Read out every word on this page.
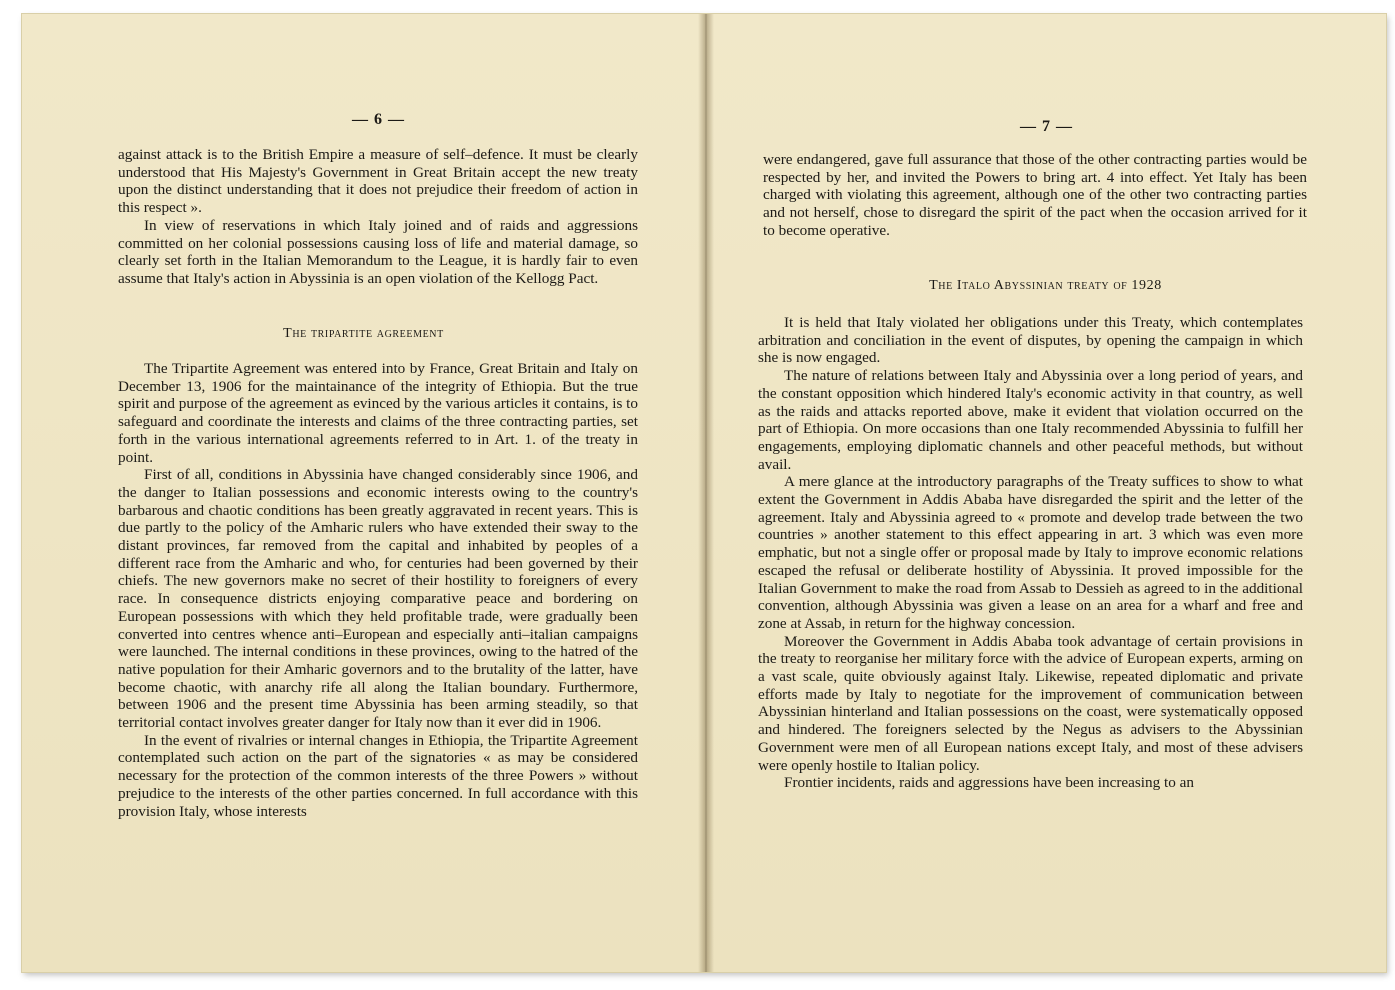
— 6 —

against attack is to the British Empire a measure of self–defence. It must be clearly understood that His Majesty's Government in Great Britain accept the new treaty upon the distinct understanding that it does not prejudice their freedom of action in this respect ».

In view of reservations in which Italy joined and of raids and aggressions committed on her colonial possessions causing loss of life and material damage, so clearly set forth in the Italian Memorandum to the League, it is hardly fair to even assume that Italy's action in Abyssinia is an open violation of the Kellogg Pact.

The tripartite agreement

The Tripartite Agreement was entered into by France, Great Britain and Italy on December 13, 1906 for the maintainance of the integrity of Ethiopia. But the true spirit and purpose of the agreement as evinced by the various articles it contains, is to safeguard and coordinate the interests and claims of the three contracting parties, set forth in the various international agreements referred to in Art. 1. of the treaty in point.

First of all, conditions in Abyssinia have changed considerably since 1906, and the danger to Italian possessions and economic interests owing to the country's barbarous and chaotic conditions has been greatly aggravated in recent years. This is due partly to the policy of the Amharic rulers who have extended their sway to the distant provinces, far removed from the capital and inhabited by peoples of a different race from the Amharic and who, for centuries had been governed by their chiefs. The new governors make no secret of their hostility to foreigners of every race. In consequence districts enjoying comparative peace and bordering on European possessions with which they held profitable trade, were gradually been converted into centres whence anti–European and especially anti–italian campaigns were launched. The internal conditions in these provinces, owing to the hatred of the native population for their Amharic governors and to the brutality of the latter, have become chaotic, with anarchy rife all along the Italian boundary. Furthermore, between 1906 and the present time Abyssinia has been arming steadily, so that territorial contact involves greater danger for Italy now than it ever did in 1906.

In the event of rivalries or internal changes in Ethiopia, the Tripartite Agreement contemplated such action on the part of the signatories « as may be considered necessary for the protection of the common interests of the three Powers » without prejudice to the interests of the other parties concerned. In full accordance with this provision Italy, whose interests

— 7 —

were endangered, gave full assurance that those of the other contracting parties would be respected by her, and invited the Powers to bring art. 4 into effect. Yet Italy has been charged with violating this agreement, although one of the other two contracting parties and not herself, chose to disregard the spirit of the pact when the occasion arrived for it to become operative.

The Italo Abyssinian treaty of 1928

It is held that Italy violated her obligations under this Treaty, which contemplates arbitration and conciliation in the event of disputes, by opening the campaign in which she is now engaged.

The nature of relations between Italy and Abyssinia over a long period of years, and the constant opposition which hindered Italy's economic activity in that country, as well as the raids and attacks reported above, make it evident that violation occurred on the part of Ethiopia. On more occasions than one Italy recommended Abyssinia to fulfill her engagements, employing diplomatic channels and other peaceful methods, but without avail.

A mere glance at the introductory paragraphs of the Treaty suffices to show to what extent the Government in Addis Ababa have disregarded the spirit and the letter of the agreement. Italy and Abyssinia agreed to « promote and develop trade between the two countries » another statement to this effect appearing in art. 3 which was even more emphatic, but not a single offer or proposal made by Italy to improve economic relations escaped the refusal or deliberate hostility of Abyssinia. It proved impossible for the Italian Government to make the road from Assab to Dessieh as agreed to in the additional convention, although Abyssinia was given a lease on an area for a wharf and free and zone at Assab, in return for the highway concession.

Moreover the Government in Addis Ababa took advantage of certain provisions in the treaty to reorganise her military force with the advice of European experts, arming on a vast scale, quite obviously against Italy. Likewise, repeated diplomatic and private efforts made by Italy to negotiate for the improvement of communication between Abyssinian hinterland and Italian possessions on the coast, were systematically opposed and hindered. The foreigners selected by the Negus as advisers to the Abyssinian Government were men of all European nations except Italy, and most of these advisers were openly hostile to Italian policy.

Frontier incidents, raids and aggressions have been increasing to an
